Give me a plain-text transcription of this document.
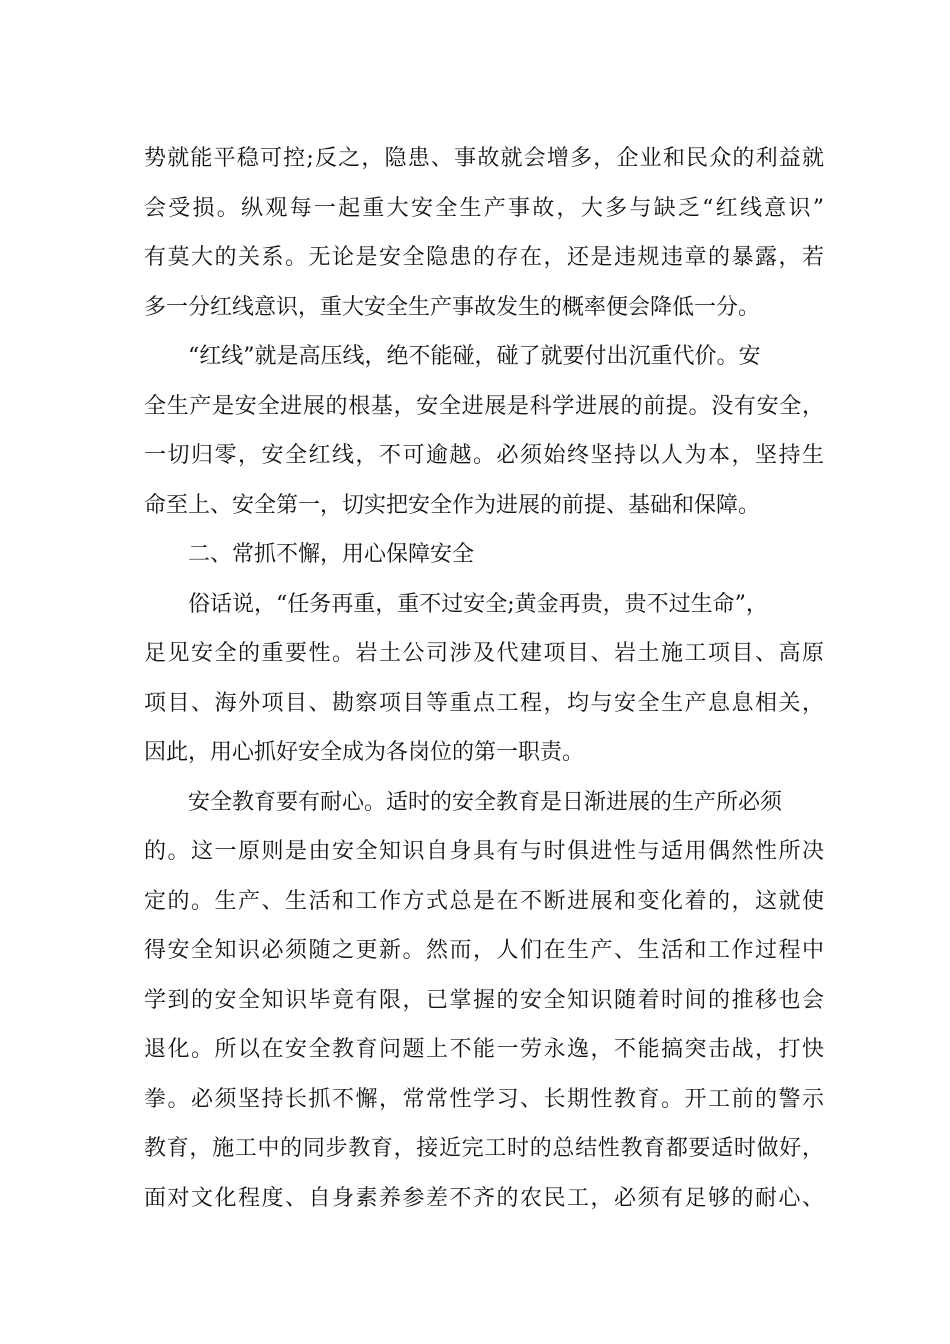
势就能平稳可控;反之，隐患、事故就会增多，企业和民众的利益就
会受损。纵观每一起重大安全生产事故，大多与缺乏“红线意识”
有莫大的关系。无论是安全隐患的存在，还是违规违章的暴露，若
多一分红线意识，重大安全生产事故发生的概率便会降低一分。
“红线”就是高压线，绝不能碰，碰了就要付出沉重代价。安
全生产是安全进展的根基，安全进展是科学进展的前提。没有安全，
一切归零，安全红线，不可逾越。必须始终坚持以人为本，坚持生
命至上、安全第一，切实把安全作为进展的前提、基础和保障。
二、常抓不懈，用心保障安全
俗话说，“任务再重，重不过安全;黄金再贵，贵不过生命”，
足见安全的重要性。岩土公司涉及代建项目、岩土施工项目、高原
项目、海外项目、勘察项目等重点工程，均与安全生产息息相关，
因此，用心抓好安全成为各岗位的第一职责。
安全教育要有耐心。适时的安全教育是日渐进展的生产所必须
的。这一原则是由安全知识自身具有与时俱进性与适用偶然性所决
定的。生产、生活和工作方式总是在不断进展和变化着的，这就使
得安全知识必须随之更新。然而，人们在生产、生活和工作过程中
学到的安全知识毕竟有限，已掌握的安全知识随着时间的推移也会
退化。所以在安全教育问题上不能一劳永逸，不能搞突击战，打快
拳。必须坚持长抓不懈，常常性学习、长期性教育。开工前的警示
教育，施工中的同步教育，接近完工时的总结性教育都要适时做好，
面对文化程度、自身素养参差不齐的农民工，必须有足够的耐心、
